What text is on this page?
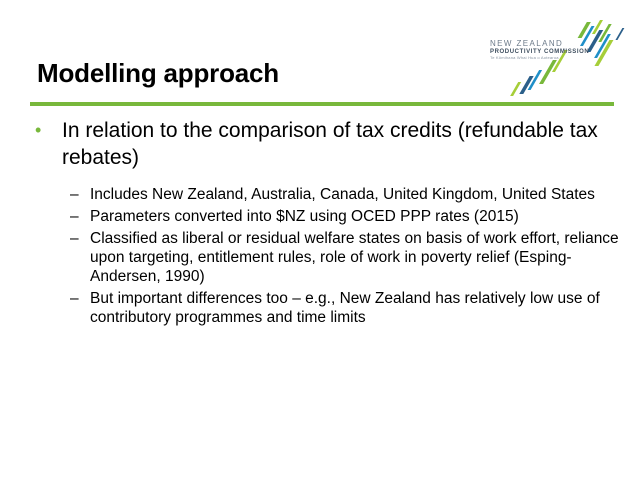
NEW ZEALAND
PRODUCTIVITY COMMISSION
Te Kōmihana Whai Hua o Aotearoa
Modelling approach
• In relation to the comparison of tax credits (refundable tax rebates)
– Includes New Zealand, Australia, Canada, United Kingdom, United States
– Parameters converted into $NZ using OCED PPP rates (2015)
– Classified as liberal or residual welfare states on basis of work effort, reliance upon targeting, entitlement rules, role of work in poverty relief (Esping-Andersen, 1990)
– But important differences too – e.g., New Zealand has relatively low use of contributory programmes and time limits
